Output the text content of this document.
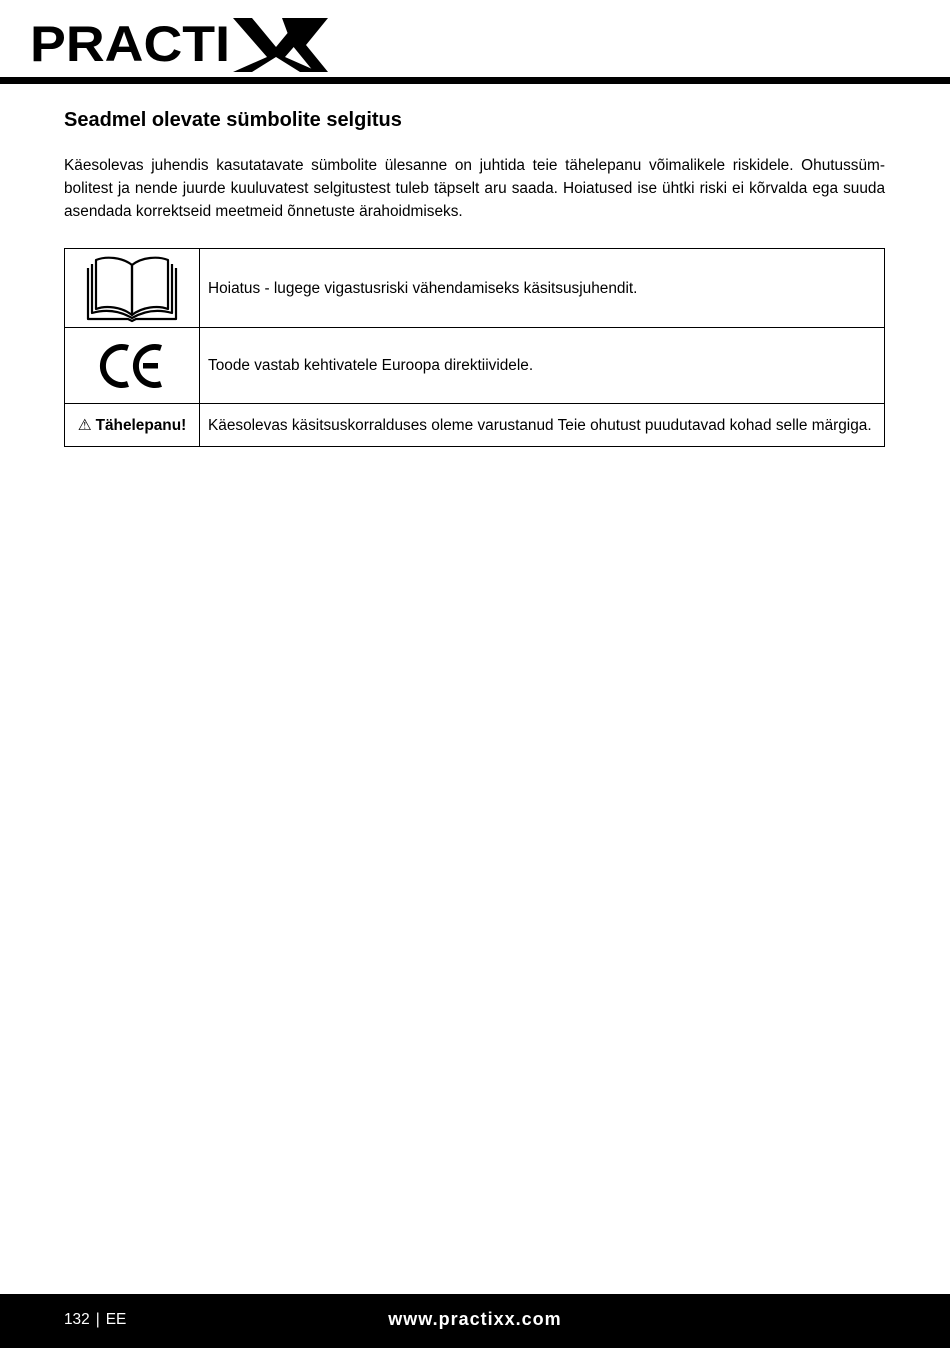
PRACTI
Seadmel olevate sümbolite selgitus

Käesolevas juhendis kasutatavate sümbolite ülesanne on juhtida teie tähelepanu võimalikele riskidele. Ohutussüm-bolitest ja nende juurde kuuluvatest selgitustest tuleb täpselt aru saada. Hoiatused ise ühtki riski ei kõrvalda ega suuda asendada korrektseid meetmeid õnnetuste ärahoidmiseks.

	Hoiatus - lugege vigastusriski vähendamiseks käsitsusjuhendit.

	Toode vastab kehtivatele Euroopa direktiividele.
⚠ Tähelepanu!	Käesolevas käsitsuskorralduses oleme varustanud Teie ohutust puudutavad kohad selle märgiga.
132 | EE	www.practixx.com
